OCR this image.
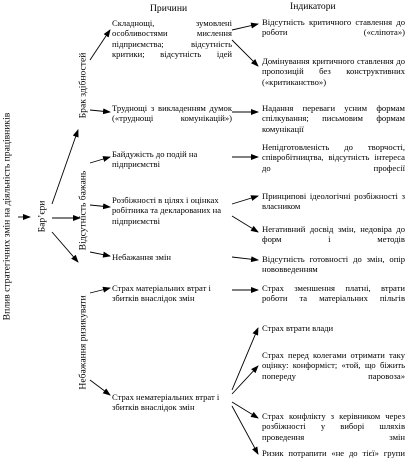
Причини	Індикатори
Вплив стратегічних змін на діяльність працівників	Бар’єри
Брак здібностей
Відсутність бажань
Небажання ризикувати
Складнощі, зумовлені особливостями мислення підприємства; відсутність критики; відсутність ідей
Труднощі з викладенням думок («труднощі комунікацій»)
Байдужість до подій на підприємстві
Розбіжності в цілях і оцінках робітника та декларованих на підприємстві
Небажання змін
Страх матеріальних втрат і збитків внаслідок змін
Страх нематеріальних втрат і збитків внаслідок змін
Відсутність критичного ставлення до роботи («сліпота»)
Домінування критичного ставлення до пропозицій без конструктивних («критиканство»)
Надання переваги усним формам спілкування; письмовим формам комунікації
Непідготовленість до творчості, співробітництва, відсутність інтереса до професії
Принципові ідеологічні розбіжності з власником
Негативний досвід змін, недовіра до форм і методів
Відсутність готовності до змін, опір нововведенням
Страх зменшення платні, втрати роботи та матеріальних пільгів
Страх втрати влади
Страх перед колегами отримати таку оцінку: конформіст; «той, що біжить попереду паровоза»
Страх конфлікту з керівником через розбіжності у виборі шляхів проведення змін
Ризик потрапити «не до тієї» групи
